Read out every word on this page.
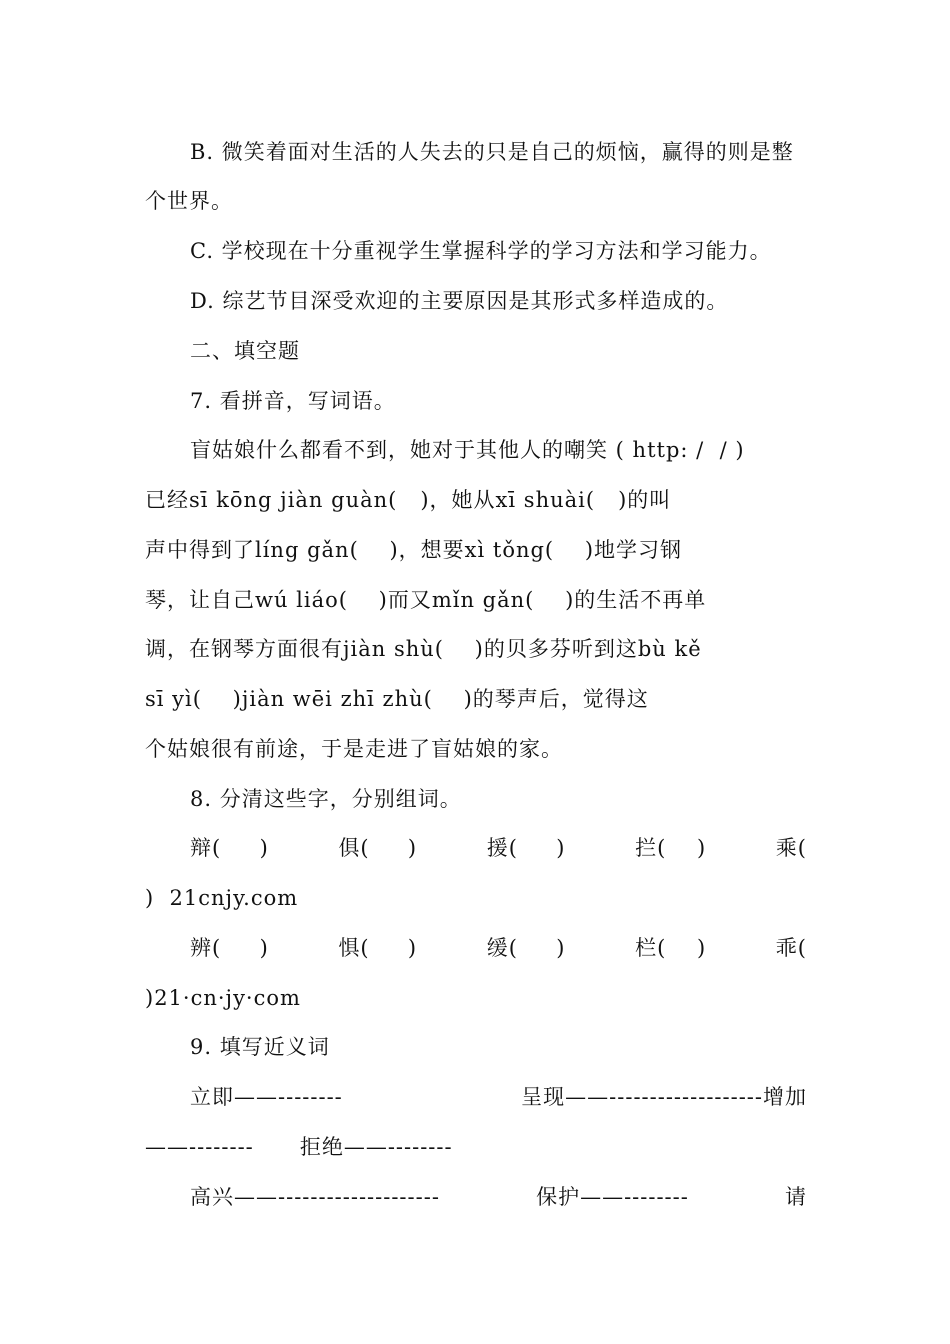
B. 微笑着面对生活的人失去的只是自己的烦恼，赢得的则是整
个世界。
C. 学校现在十分重视学生掌握科学的学习方法和学习能力。
D. 综艺节目深受欢迎的主要原因是其形式多样造成的。
二、填空题
7. 看拼音，写词语。
盲姑娘什么都看不到，她对于其他人的嘲笑 ( http: /  / )
已经sī kōng jiàn guàn(   )，她从xī shuài(   )的叫
声中得到了líng gǎn(    )，想要xì tǒng(    )地学习钢
琴，让自己wú liáo(    )而又mǐn gǎn(    )的生活不再单
调，在钢琴方面很有jiàn shù(    )的贝多芬听到这bù kě
sī yì(    )jiàn wēi zhī zhù(    )的琴声后，觉得这
个姑娘很有前途，于是走进了盲姑娘的家。
8. 分清这些字，分别组词。
辩(     )	俱(     )	援(     )	拦(    )	乘(
)  21cnjy.com
辨(     )	惧(     )	缓(     )	栏(    )	乖(
)21·cn·jy·com
9. 填写近义词
立即——--------	呈现——-------------------增加
——--------      拒绝——--------
高兴——--------------------	保护——--------	请
